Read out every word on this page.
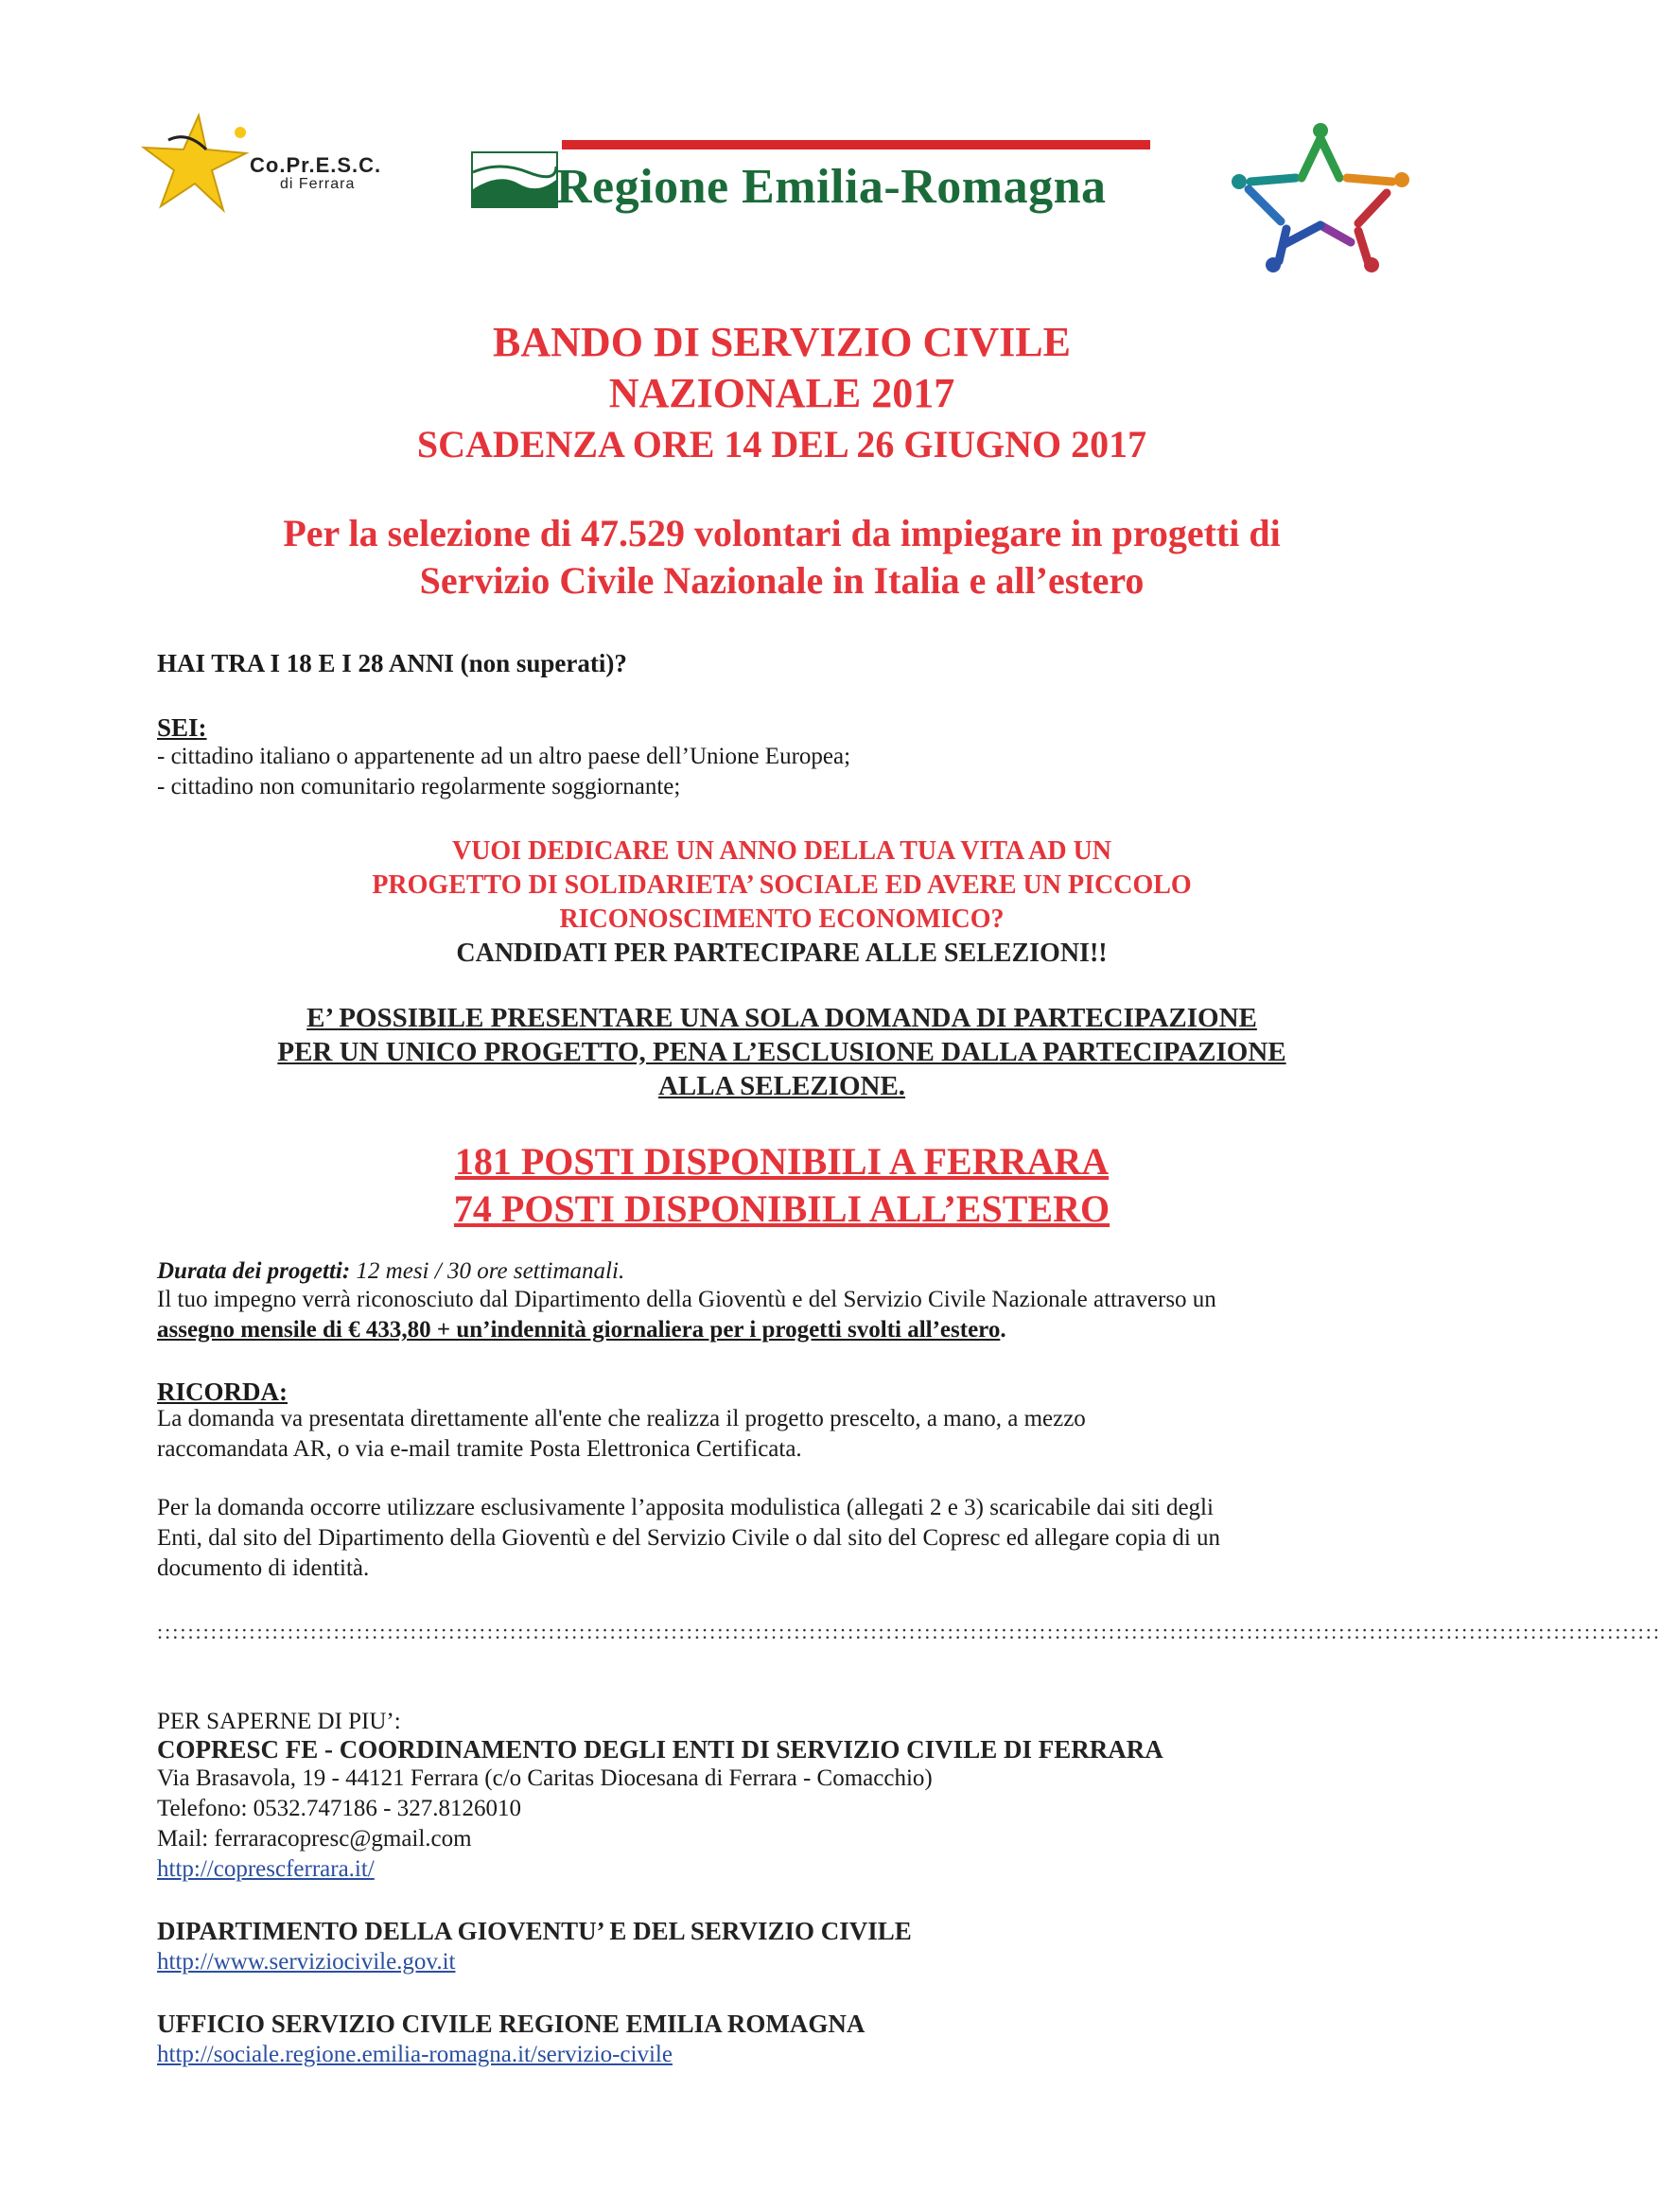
Co.Pr.E.S.C.
di Ferrara	Regione Emilia-Romagna
BANDO DI SERVIZIO CIVILE
NAZIONALE 2017
SCADENZA ORE 14 DEL 26 GIUGNO 2017
Per la selezione di 47.529 volontari da impiegare in progetti di
Servizio Civile Nazionale in Italia e all’estero
HAI TRA I 18 E I 28 ANNI (non superati)?
SEI:
- cittadino italiano o appartenente ad un altro paese dell’Unione Europea;
- cittadino non comunitario regolarmente soggiornante;
VUOI DEDICARE UN ANNO DELLA TUA VITA AD UN
PROGETTO DI SOLIDARIETA’ SOCIALE ED AVERE UN PICCOLO
RICONOSCIMENTO ECONOMICO?
CANDIDATI PER PARTECIPARE ALLE SELEZIONI!!
E’ POSSIBILE PRESENTARE UNA SOLA DOMANDA DI PARTECIPAZIONE
PER UN UNICO PROGETTO, PENA L’ESCLUSIONE DALLA PARTECIPAZIONE
ALLA SELEZIONE.
181 POSTI DISPONIBILI A FERRARA
74 POSTI DISPONIBILI ALL’ESTERO
Durata dei progetti: 12 mesi / 30 ore settimanali.
Il tuo impegno verrà riconosciuto dal Dipartimento della Gioventù e del Servizio Civile Nazionale attraverso un
assegno mensile di € 433,80 + un’indennità giornaliera per i progetti svolti all’estero.
RICORDA:
La domanda va presentata direttamente all'ente che realizza il progetto prescelto, a mano, a mezzo
raccomandata AR, o via e-mail tramite Posta Elettronica Certificata.
Per la domanda occorre utilizzare esclusivamente l’apposita modulistica (allegati 2 e 3) scaricabile dai siti degli
Enti, dal sito del Dipartimento della Gioventù e del Servizio Civile o dal sito del Copresc ed allegare copia di un
documento di identità.
::::::::::::::::::::::::::::::::::::::::::::::::::::::::::::::::::::::::::::::::::::::::::::::::::::::::::::::::::::::::::::::::::::::::::::::::::::::::::::::::::::::::::::::::::::::::::::::::::::
PER SAPERNE DI PIU’:
COPRESC FE - COORDINAMENTO DEGLI ENTI DI SERVIZIO CIVILE DI FERRARA
Via Brasavola, 19 - 44121 Ferrara (c/o Caritas Diocesana di Ferrara - Comacchio)
Telefono: 0532.747186 - 327.8126010
Mail: ferraracopresc@gmail.com
http://coprescferrara.it/
DIPARTIMENTO DELLA GIOVENTU’ E DEL SERVIZIO CIVILE
http://www.serviziocivile.gov.it
UFFICIO SERVIZIO CIVILE REGIONE EMILIA ROMAGNA
http://sociale.regione.emilia-romagna.it/servizio-civile
